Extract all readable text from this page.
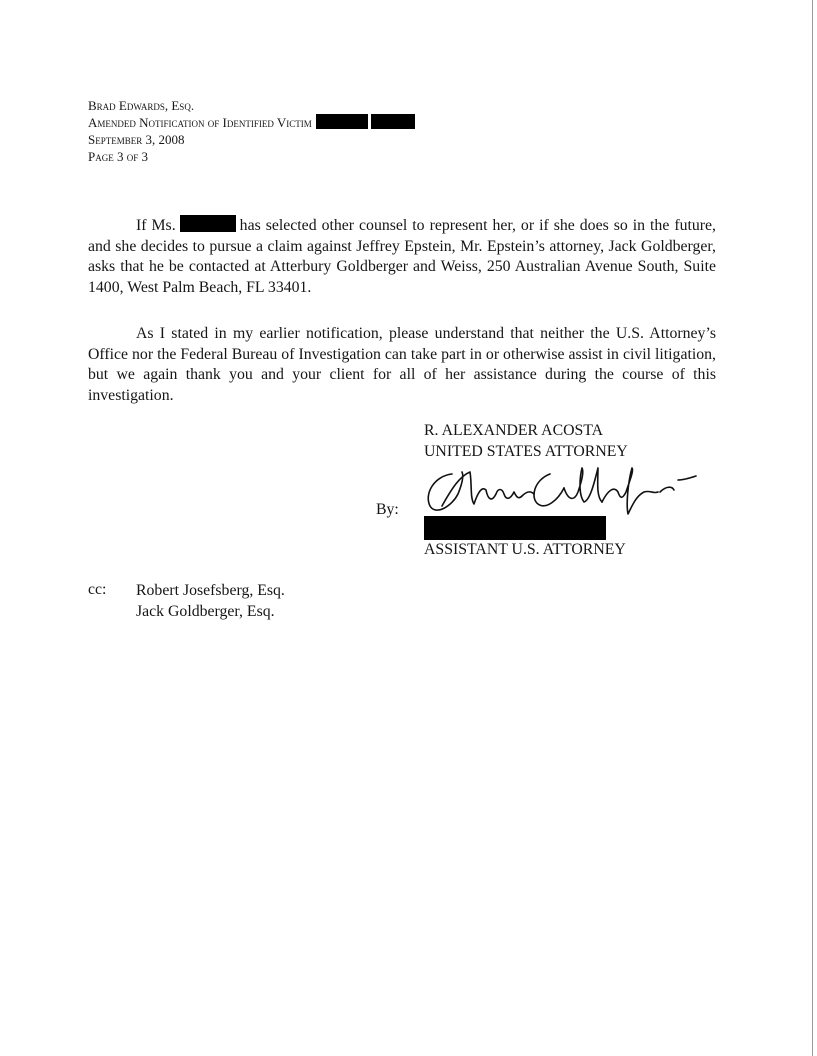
Brad Edwards, Esq.
Amended Notification of Identified Victim
September 3, 2008
Page 3 of 3

If Ms.	has selected other counsel to represent her, or if she does so in the future, and she decides to pursue a claim against Jeffrey Epstein, Mr. Epstein’s attorney, Jack Goldberger, asks that he be contacted at Atterbury Goldberger and Weiss, 250 Australian Avenue South, Suite 1400, West Palm Beach, FL 33401.

As I stated in my earlier notification, please understand that neither the U.S. Attorney’s Office nor the Federal Bureau of Investigation can take part in or otherwise assist in civil litigation, but we again thank you and your client for all of her assistance during the course of this investigation.

R. ALEXANDER ACOSTA
UNITED STATES ATTORNEY
By:
ASSISTANT U.S. ATTORNEY
cc: Robert Josefsberg, Esq.
Jack Goldberger, Esq.
